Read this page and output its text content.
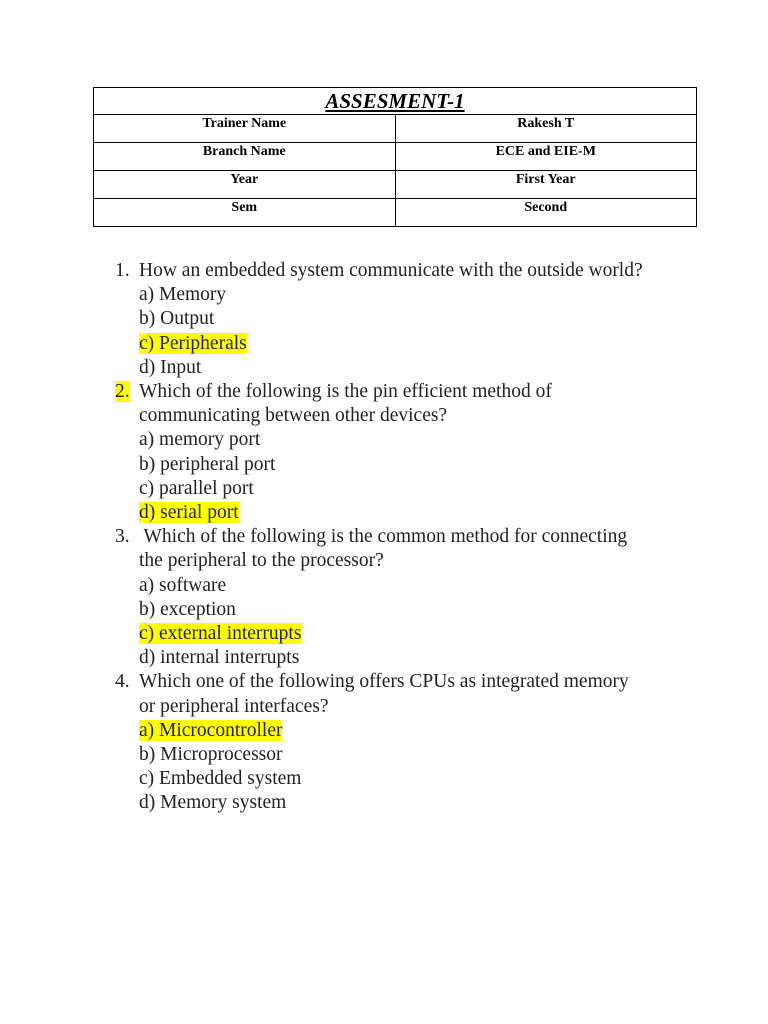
ASSESMENT-1	
Trainer Name	Rakesh T
Branch Name	ECE and EIE-M
Year	First Year
Sem	Second
1. How an embedded system communicate with the outside world?
a) Memory
b) Output
c) Peripherals
d) Input
2. Which of the following is the pin efficient method of
communicating between other devices?
a) memory port
b) peripheral port
c) parallel port
d) serial port
3. Which of the following is the common method for connecting
the peripheral to the processor?
a) software
b) exception
c) external interrupts
d) internal interrupts
4. Which one of the following offers CPUs as integrated memory
or peripheral interfaces?
a) Microcontroller
b) Microprocessor
c) Embedded system
d) Memory system
